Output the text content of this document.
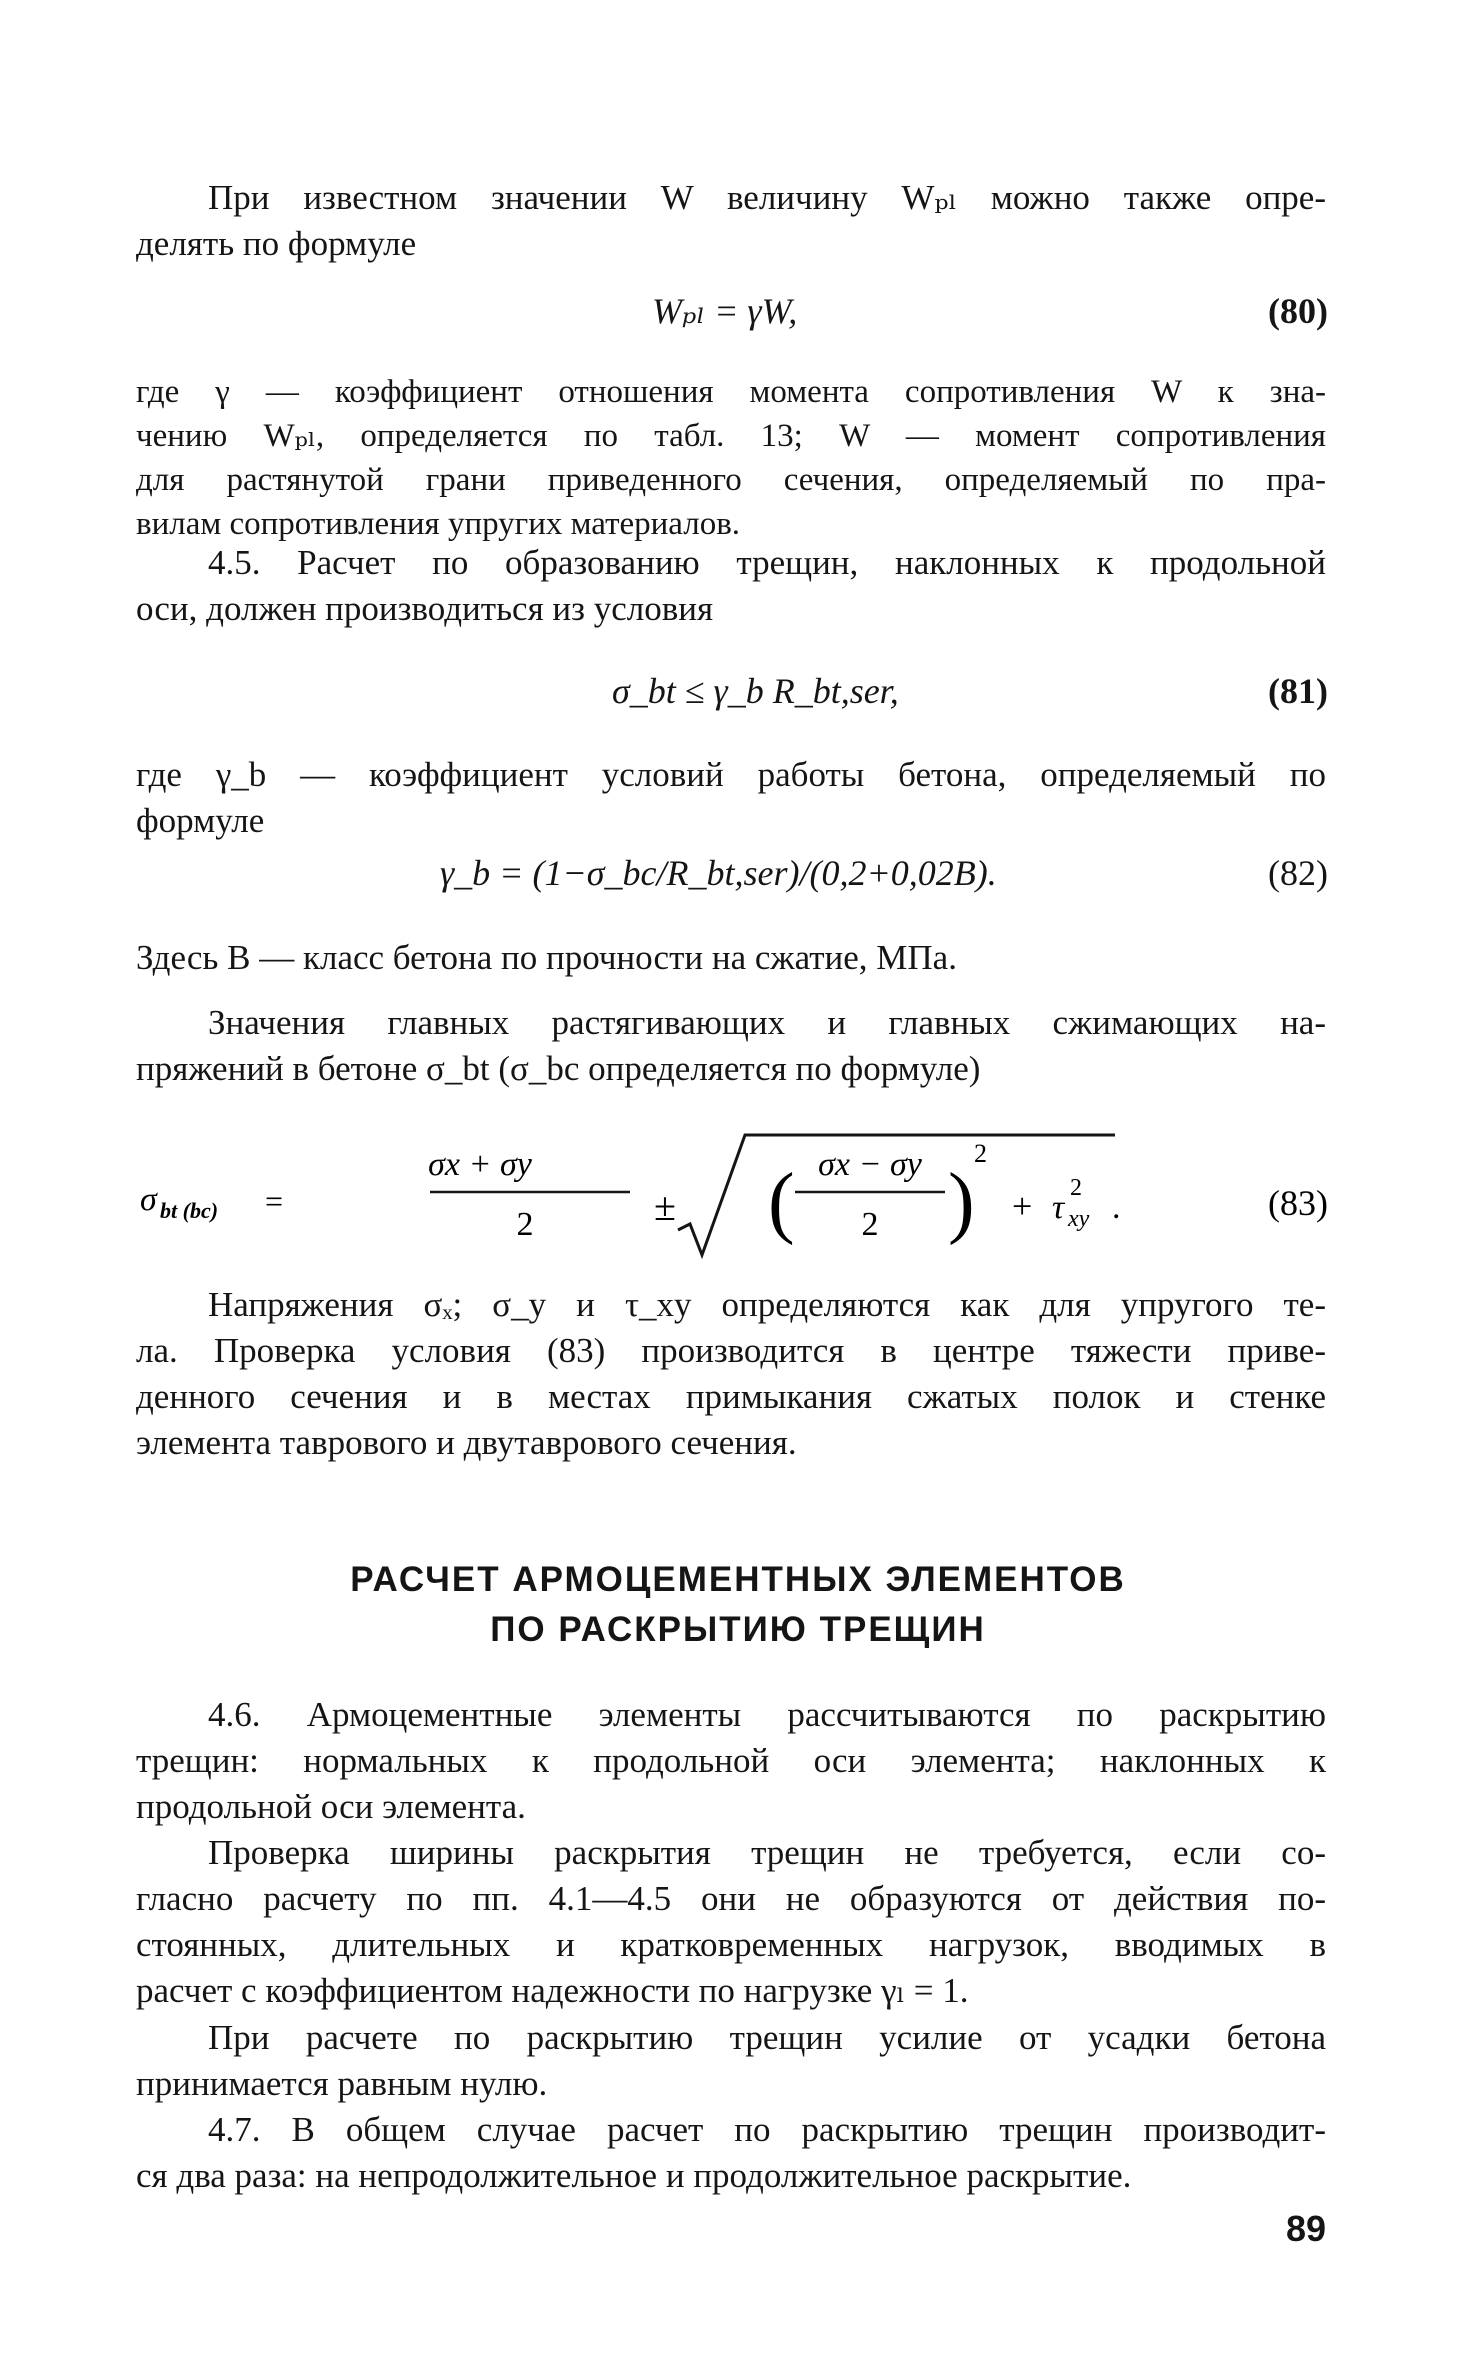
При известном значении W величину Wₚₗ можно также опре-
делять по формуле

Wₚₗ = γW,	(80)

где γ — коэффициент отношения момента сопротивления W к зна-
чению Wₚₗ, определяется по табл. 13; W — момент сопротивления
для растянутой грани приведенного сечения, определяемый по пра-
вилам сопротивления упругих материалов.

4.5. Расчет по образованию трещин, наклонных к продольной
оси, должен производиться из условия

σ_bt ≤ γ_b R_bt,ser,	(81)

где γ_b — коэффициент условий работы бетона, определяемый по
формуле

γ_b = (1−σ_bc/R_bt,ser)/(0,2+0,02B).	(82)

Здесь B — класс бетона по прочности на сжатие, МПа.

Значения главных растягивающих и главных сжимающих на-
пряжений в бетоне σ_bt (σ_bc определяется по формуле)

σ bt (bc) =
σx + σy
2	± ( σx − σy
2 )
2
+ τ
2
xy .	(83)

Напряжения σₓ; σ_y и τ_xy определяются как для упругого те-
ла. Проверка условия (83) производится в центре тяжести приве-
денного сечения и в местах примыкания сжатых полок и стенке
элемента таврового и двутаврового сечения.

РАСЧЕТ АРМОЦЕМЕНТНЫХ ЭЛЕМЕНТОВ
ПО РАСКРЫТИЮ ТРЕЩИН

4.6. Армоцементные элементы рассчитываются по раскрытию
трещин: нормальных к продольной оси элемента; наклонных к
продольной оси элемента.

Проверка ширины раскрытия трещин не требуется, если со-
гласно расчету по пп. 4.1—4.5 они не образуются от действия по-
стоянных, длительных и кратковременных нагрузок, вводимых в
расчет с коэффициентом надежности по нагрузке γₗ = 1.

При расчете по раскрытию трещин усилие от усадки бетона
принимается равным нулю.

4.7. В общем случае расчет по раскрытию трещин производит-
ся два раза: на непродолжительное и продолжительное раскрытие.

89
